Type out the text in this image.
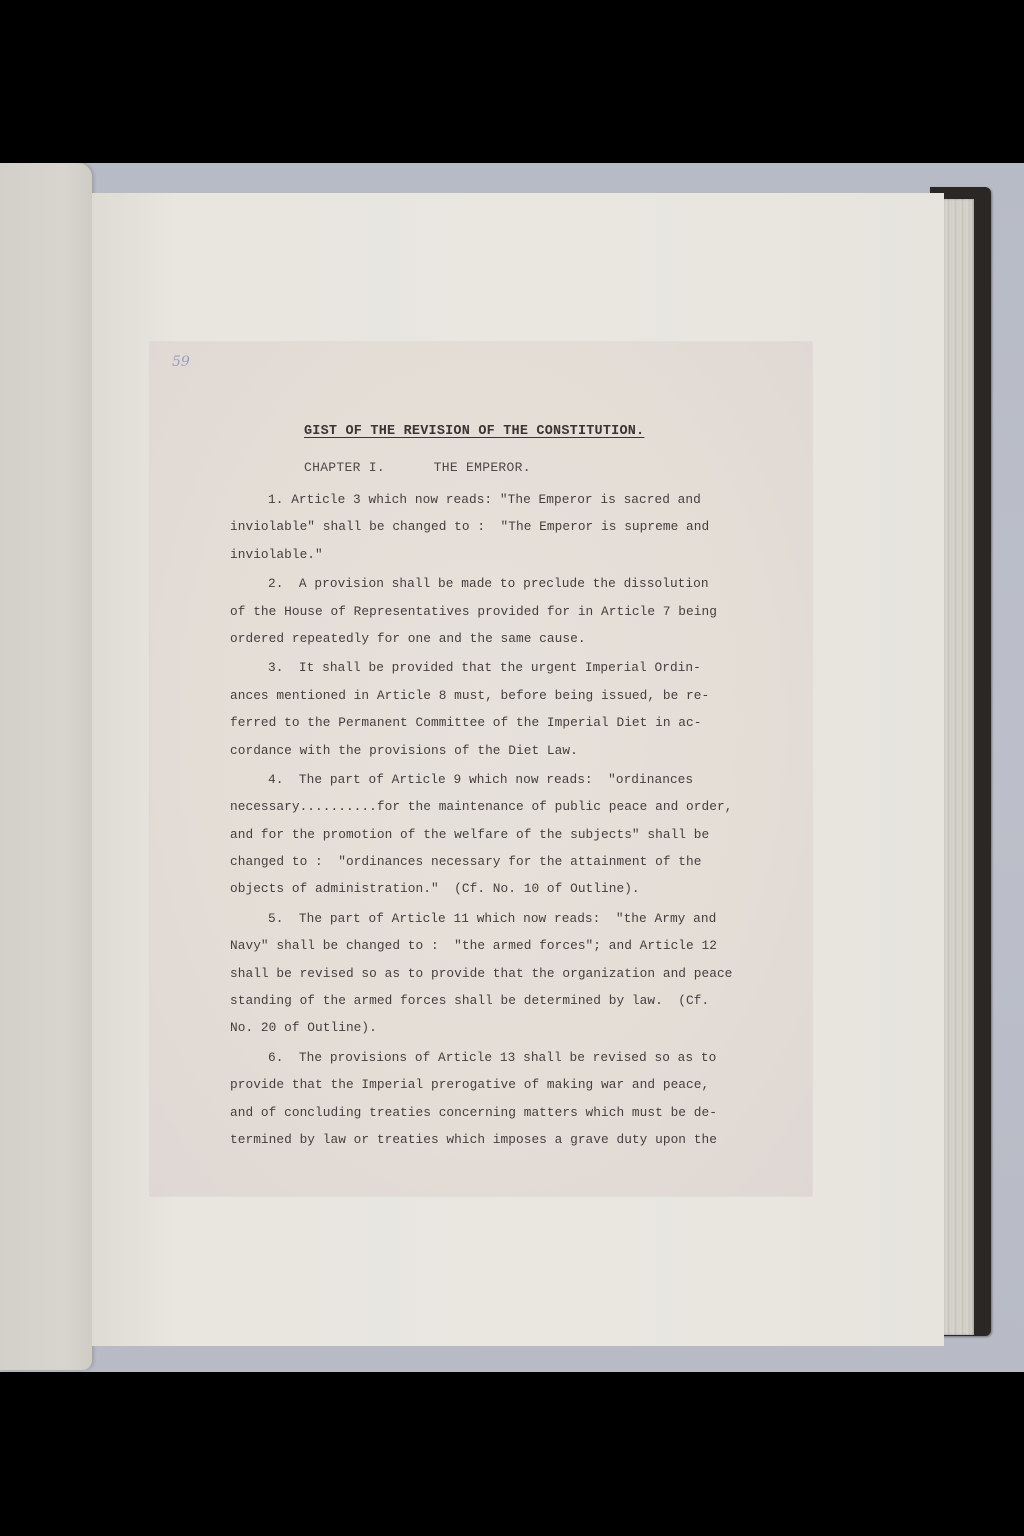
59
GIST OF THE REVISION OF THE CONSTITUTION.
CHAPTER I.      THE EMPEROR.
1. Article 3 which now reads: "The Emperor is sacred and
inviolable" shall be changed to :  "The Emperor is supreme and
inviolable."
2.  A provision shall be made to preclude the dissolution
of the House of Representatives provided for in Article 7 being
ordered repeatedly for one and the same cause.
3.  It shall be provided that the urgent Imperial Ordin-
ances mentioned in Article 8 must, before being issued, be re-
ferred to the Permanent Committee of the Imperial Diet in ac-
cordance with the provisions of the Diet Law.
4.  The part of Article 9 which now reads:  "ordinances
necessary..........for the maintenance of public peace and order,
and for the promotion of the welfare of the subjects" shall be
changed to :  "ordinances necessary for the attainment of the
objects of administration."  (Cf. No. 10 of Outline).
5.  The part of Article 11 which now reads:  "the Army and
Navy" shall be changed to :  "the armed forces"; and Article 12
shall be revised so as to provide that the organization and peace
standing of the armed forces shall be determined by law.  (Cf.
No. 20 of Outline).
6.  The provisions of Article 13 shall be revised so as to
provide that the Imperial prerogative of making war and peace,
and of concluding treaties concerning matters which must be de-
termined by law or treaties which imposes a grave duty upon the
